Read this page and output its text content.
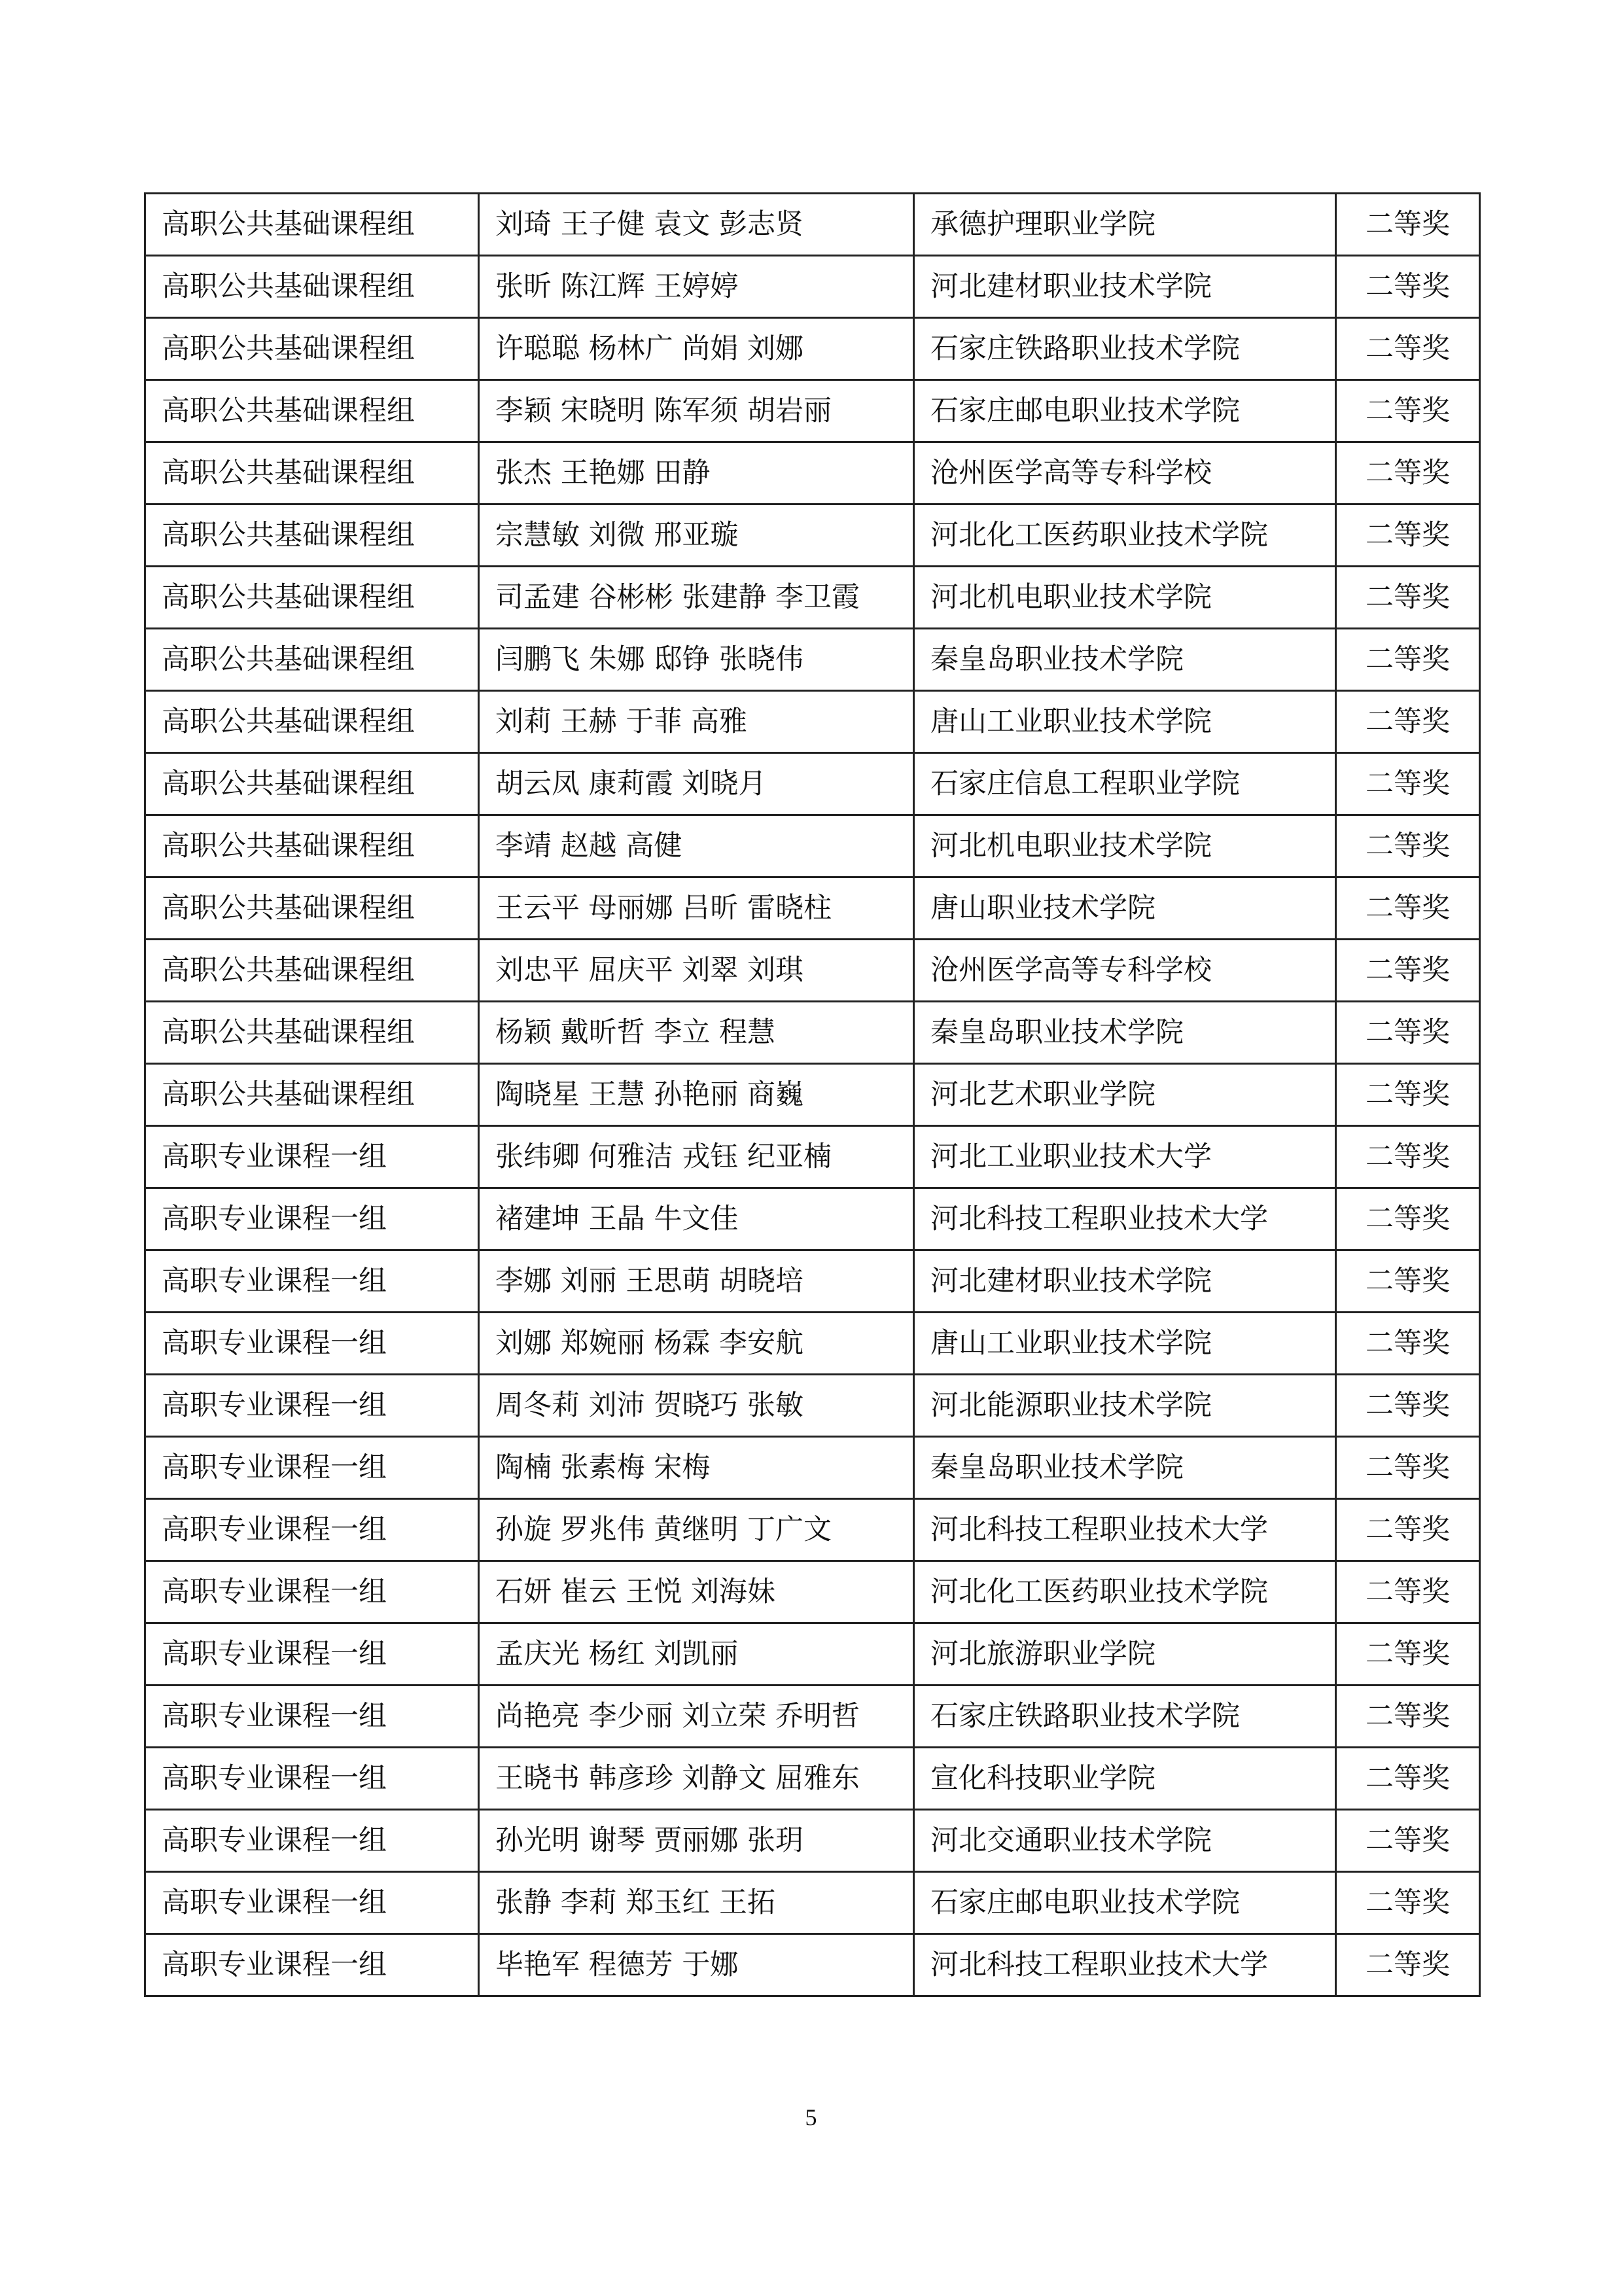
高职公共基础课程组	刘琦 王子健 袁文 彭志贤	承德护理职业学院	二等奖
高职公共基础课程组	张昕 陈江辉 王婷婷	河北建材职业技术学院	二等奖
高职公共基础课程组	许聪聪 杨林广 尚娟 刘娜	石家庄铁路职业技术学院	二等奖
高职公共基础课程组	李颖 宋晓明 陈军须 胡岩丽	石家庄邮电职业技术学院	二等奖
高职公共基础课程组	张杰 王艳娜 田静	沧州医学高等专科学校	二等奖
高职公共基础课程组	宗慧敏 刘微 邢亚璇	河北化工医药职业技术学院	二等奖
高职公共基础课程组	司孟建 谷彬彬 张建静 李卫霞	河北机电职业技术学院	二等奖
高职公共基础课程组	闫鹏飞 朱娜 邸铮 张晓伟	秦皇岛职业技术学院	二等奖
高职公共基础课程组	刘莉 王赫 于菲 高雅	唐山工业职业技术学院	二等奖
高职公共基础课程组	胡云凤 康莉霞 刘晓月	石家庄信息工程职业学院	二等奖
高职公共基础课程组	李靖 赵越 高健	河北机电职业技术学院	二等奖
高职公共基础课程组	王云平 母丽娜 吕昕 雷晓柱	唐山职业技术学院	二等奖
高职公共基础课程组	刘忠平 屈庆平 刘翠 刘琪	沧州医学高等专科学校	二等奖
高职公共基础课程组	杨颖 戴昕哲 李立 程慧	秦皇岛职业技术学院	二等奖
高职公共基础课程组	陶晓星 王慧 孙艳丽 商巍	河北艺术职业学院	二等奖
高职专业课程一组	张纬卿 何雅洁 戎钰 纪亚楠	河北工业职业技术大学	二等奖
高职专业课程一组	褚建坤 王晶 牛文佳	河北科技工程职业技术大学	二等奖
高职专业课程一组	李娜 刘丽 王思萌 胡晓培	河北建材职业技术学院	二等奖
高职专业课程一组	刘娜 郑婉丽 杨霖 李安航	唐山工业职业技术学院	二等奖
高职专业课程一组	周冬莉 刘沛 贺晓巧 张敏	河北能源职业技术学院	二等奖
高职专业课程一组	陶楠 张素梅 宋梅	秦皇岛职业技术学院	二等奖
高职专业课程一组	孙旋 罗兆伟 黄继明 丁广文	河北科技工程职业技术大学	二等奖
高职专业课程一组	石妍 崔云 王悦 刘海妹	河北化工医药职业技术学院	二等奖
高职专业课程一组	孟庆光 杨红 刘凯丽	河北旅游职业学院	二等奖
高职专业课程一组	尚艳亮 李少丽 刘立荣 乔明哲	石家庄铁路职业技术学院	二等奖
高职专业课程一组	王晓书 韩彦珍 刘静文 屈雅东	宣化科技职业学院	二等奖
高职专业课程一组	孙光明 谢琴 贾丽娜 张玥	河北交通职业技术学院	二等奖
高职专业课程一组	张静 李莉 郑玉红 王拓	石家庄邮电职业技术学院	二等奖
高职专业课程一组	毕艳军 程德芳 于娜	河北科技工程职业技术大学	二等奖
5
